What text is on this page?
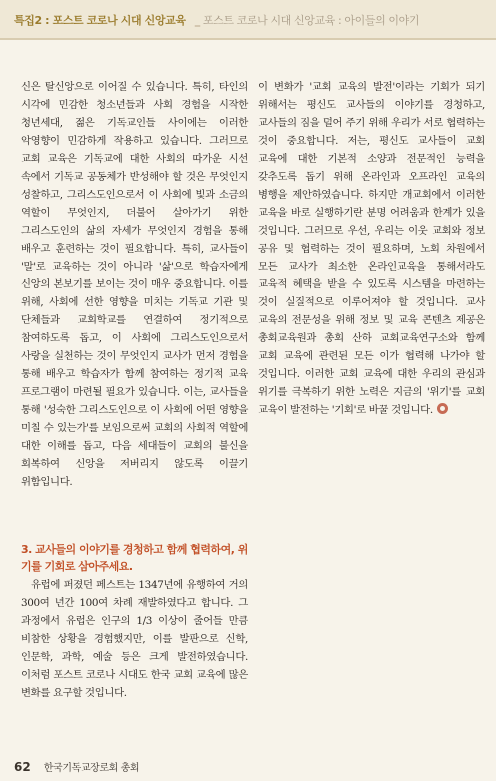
특집2 : 포스트 코로나 시대 신앙교육 _ 포스트 코로나 시대 신앙교육 : 아이들의 이야기

신은 탈신앙으로 이어질 수 있습니다. 특히, 타인의 시각에 민감한 청소년들과 사회 경험을 시작한 청년세대, 젊은 기독교인들 사이에는 이러한 악영향이 민감하게 작용하고 있습니다. 그러므로 교회 교육은 기독교에 대한 사회의 따가운 시선 속에서 기독교 공동체가 반성해야 할 것은 무엇인지 성찰하고, 그리스도인으로서 이 사회에 빛과 소금의 역할이 무엇인지, 더불어 살아가기 위한 그리스도인의 삶의 자세가 무엇인지 경험을 통해 배우고 훈련하는 것이 필요합니다. 특히, 교사들이 '말'로 교육하는 것이 아니라 '삶'으로 학습자에게 신앙의 본보기를 보이는 것이 매우 중요합니다. 이를 위해, 사회에 선한 영향을 미치는 기독교 기관 및 단체들과 교회학교를 연결하여 정기적으로 참여하도록 돕고, 이 사회에 그리스도인으로서 사랑을 실천하는 것이 무엇인지 교사가 먼저 경험을 통해 배우고 학습자가 함께 참여하는 정기적 교육 프로그램이 마련될 필요가 있습니다. 이는, 교사들을 통해 '성숙한 그리스도인으로 이 사회에 어떤 영향을 미칠 수 있는가'를 보임으로써 교회의 사회적 역할에 대한 이해를 돕고, 다음 세대들이 교회의 불신을 회복하여 신앙을 저버리지 않도록 이끌기 위함입니다.

3. 교사들의 이야기를 경청하고 함께 협력하여, 위기를 기회로 삼아주세요.

유럽에 퍼졌던 페스트는 1347년에 유행하여 거의 300여 년간 100여 차례 재발하였다고 합니다. 그 과정에서 유럽은 인구의 1/3 이상이 줄어들 만큼 비참한 상황을 경험했지만, 이를 발판으로 신학, 인문학, 과학, 예술 등은 크게 발전하였습니다. 이처럼 포스트 코로나 시대도 한국 교회 교육에 많은 변화를 요구할 것입니다.

이 변화가 '교회 교육의 발전'이라는 기회가 되기 위해서는 평신도 교사들의 이야기를 경청하고, 교사들의 짐을 덜어 주기 위해 우리가 서로 협력하는 것이 중요합니다. 저는, 평신도 교사들이 교회 교육에 대한 기본적 소양과 전문적인 능력을 갖추도록 돕기 위해 온라인과 오프라인 교육의 병행을 제안하였습니다. 하지만 개교회에서 이러한 교육을 바로 실행하기란 분명 어려움과 한계가 있을 것입니다. 그러므로 우선, 우리는 이웃 교회와 정보 공유 및 협력하는 것이 필요하며, 노회 차원에서 모든 교사가 최소한 온라인교육을 통해서라도 교육적 혜택을 받을 수 있도록 시스템을 마련하는 것이 실질적으로 이루어져야 할 것입니다. 교사 교육의 전문성을 위해 정보 및 교육 콘텐츠 제공은 총회교육원과 총회 산하 교회교육연구소와 함께 교회 교육에 관련된 모든 이가 협력해 나가야 할 것입니다. 이러한 교회 교육에 대한 우리의 관심과 위기를 극복하기 위한 노력은 지금의 '위기'를 교회 교육이 발전하는 '기회'로 바꿀 것입니다.

62 한국기독교장로회 총회
